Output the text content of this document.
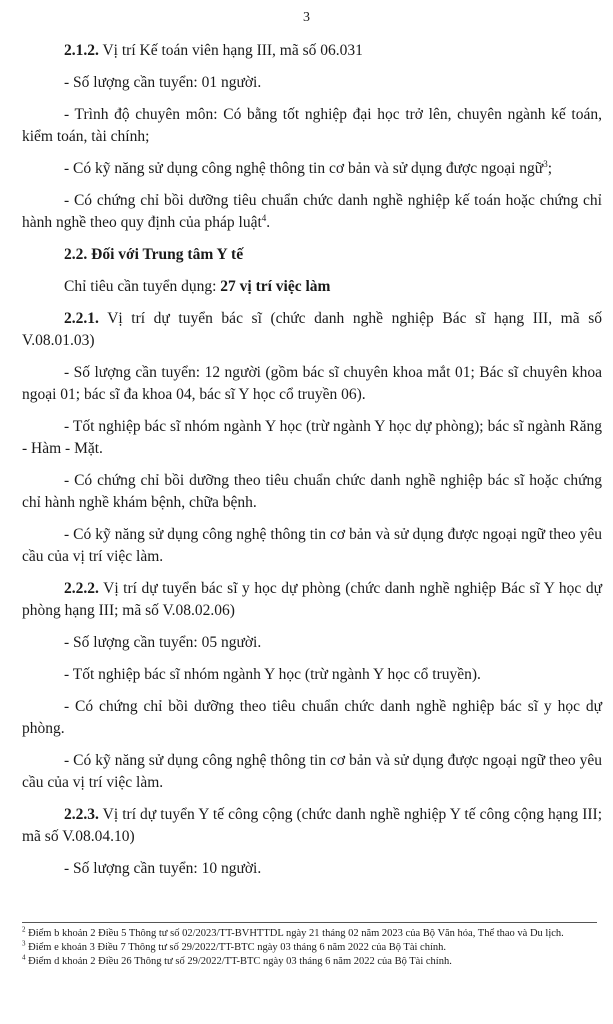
3

2.1.2. Vị trí Kế toán viên hạng III, mã số 06.031

- Số lượng cần tuyển: 01 người.

- Trình độ chuyên môn: Có bằng tốt nghiệp đại học trở lên, chuyên ngành kế toán, kiểm toán, tài chính;

- Có kỹ năng sử dụng công nghệ thông tin cơ bản và sử dụng được ngoại ngữ$^3$;

- Có chứng chỉ bồi dưỡng tiêu chuẩn chức danh nghề nghiệp kế toán hoặc chứng chỉ hành nghề theo quy định của pháp luật$^4$.

2.2. Đối với Trung tâm Y tế

Chỉ tiêu cần tuyển dụng: 27 vị trí việc làm

2.2.1. Vị trí dự tuyển bác sĩ (chức danh nghề nghiệp Bác sĩ hạng III, mã số V.08.01.03)

- Số lượng cần tuyển: 12 người (gồm bác sĩ chuyên khoa mắt 01; Bác sĩ chuyên khoa ngoại 01; bác sĩ đa khoa 04, bác sĩ Y học cổ truyền 06).

- Tốt nghiệp bác sĩ nhóm ngành Y học (trừ ngành Y học dự phòng); bác sĩ ngành Răng - Hàm - Mặt.

- Có chứng chỉ bồi dưỡng theo tiêu chuẩn chức danh nghề nghiệp bác sĩ hoặc chứng chỉ hành nghề khám bệnh, chữa bệnh.

- Có kỹ năng sử dụng công nghệ thông tin cơ bản và sử dụng được ngoại ngữ theo yêu cầu của vị trí việc làm.

2.2.2. Vị trí dự tuyển bác sĩ y học dự phòng (chức danh nghề nghiệp Bác sĩ Y học dự phòng hạng III; mã số V.08.02.06)

- Số lượng cần tuyển: 05 người.

- Tốt nghiệp bác sĩ nhóm ngành Y học (trừ ngành Y học cổ truyền).

- Có chứng chỉ bồi dưỡng theo tiêu chuẩn chức danh nghề nghiệp bác sĩ y học dự phòng.

- Có kỹ năng sử dụng công nghệ thông tin cơ bản và sử dụng được ngoại ngữ theo yêu cầu của vị trí việc làm.

2.2.3. Vị trí dự tuyển Y tế công cộng (chức danh nghề nghiệp Y tế công cộng hạng III; mã số V.08.04.10)

- Số lượng cần tuyển: 10 người.

$^2$ Điểm b khoản 2 Điều 5 Thông tư số 02/2023/TT-BVHTTDL ngày 21 tháng 02 năm 2023 của Bộ Văn hóa, Thể thao và Du lịch.

$^3$ Điểm e khoản 3 Điều 7 Thông tư số 29/2022/TT-BTC ngày 03 tháng 6 năm 2022 của Bộ Tài chính.

$^4$ Điểm d khoản 2 Điều 26 Thông tư số 29/2022/TT-BTC ngày 03 tháng 6 năm 2022 của Bộ Tài chính.
